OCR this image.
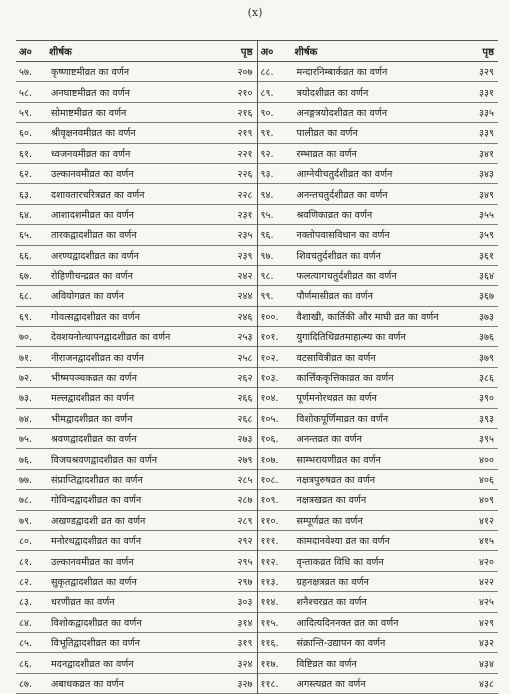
(x)
अ०	शीर्षक	पृष्ठ
५७.	कृष्णाष्टमीव्रत का वर्णन	२०७
५८.	अनघाष्टमीव्रत का वर्णन	२१०
५९.	सोमाष्टमीव्रत का वर्णन	२१६
६०.	श्रीवृक्षनवमीव्रत का वर्णन	२१९
६१.	ध्वजनवमीव्रत का वर्णन	२२१
६२.	उल्कानवमीव्रत का वर्णन	२२६
६३.	दशावतारचरित्रव्रत का वर्णन	२२८
६४.	आशादशमीव्रत का वर्णन	२३१
६५.	तारकद्वादशीव्रत का वर्णन	२३५
६६.	अरण्यद्वादशीव्रत का वर्णन	२३९
६७.	रोहिणीचन्द्रव्रत का वर्णन	२४२
६८.	अवियोगव्रत का वर्णन	२४४
६९.	गोवत्सद्वादशीव्रत का वर्णन	२४६
७०.	देवशयनोत्थापनद्वादशीव्रत का वर्णन	२५३
७१.	नीराजनद्वादशीव्रत का वर्णन	२५८
७२.	भीष्मपञ्चकव्रत का वर्णन	२६२
७३.	मल्लद्वादशीव्रत का वर्णन	२६६
७४.	भीमद्वादशीव्रत का वर्णन	२६८
७५.	श्रवणद्वादशीव्रत का वर्णन	२७३
७६.	विजयश्रवणद्वादशीव्रत का वर्णन	२७९
७७.	संप्राप्तिद्वादशीव्रत का वर्णन	२८५
७८.	गोविन्दद्वादशीव्रत का वर्णन	२८७
७९.	अखण्डद्वादशी व्रत का वर्णन	२८९
८०.	मनोरथद्वादशीव्रत का वर्णन	२९२
८१.	उल्कानवमीव्रत का वर्णन	२९५
८२.	सुकृतद्वादशीव्रत का वर्णन	२९७
८३.	धरणीव्रत का वर्णन	३०३
८४.	विशोकद्वादशीव्रत का वर्णन	३१४
८५.	विभूतिद्वादशीव्रत का वर्णन	३१९
८६.	मदनद्वादशीव्रत का वर्णन	३२४
८७.	अबाधकव्रत का वर्णन	३२७
अ०	शीर्षक	पृष्ठ
८८.	मन्दारनिम्बार्कव्रत का वर्णन	३२९
८९.	त्रयोदशीव्रत का वर्णन	३३१
९०.	अनङ्गत्रयोदशीव्रत का वर्णन	३३५
९१.	पालीव्रत का वर्णन	३३९
९२.	रम्भाव्रत का वर्णन	३४१
९३.	आग्नेयीचतुर्दशीव्रत का वर्णन	३४३
९४.	अनन्तचतुर्दशीव्रत का वर्णन	३४९
९५.	श्रवणिकाव्रत का वर्णन	३५५
९६.	नक्तोपवासविधान का वर्णन	३५९
९७.	शिवचतुर्दशीव्रत का वर्णन	३६१
९८.	फलत्यागचतुर्दशीव्रत का वर्णन	३६४
९९.	पौर्णमासीव्रत का वर्णन	३६७
१००.	वैशाखी, कार्तिकी और माघी व्रत का वर्णन	३७३
१०१.	युगादितिथिव्रतमाहात्म्य का वर्णन	३७६
१०२.	वटसावित्रीव्रत का वर्णन	३७९
१०३.	कार्त्तिककृत्तिकाव्रत का वर्णन	३८६
१०४.	पूर्णमनोरथव्रत का वर्णन	३९०
१०५.	विशोकपूर्णिमाव्रत का वर्णन	३९३
१०६.	अनन्तव्रत का वर्णन	३९५
१०७.	साम्भरायणीव्रत का वर्णन	४००
१०८.	नक्षत्रपुरुषव्रत का वर्णन	४०६
१०९.	नक्षत्रखव्रत का वर्णन	४०९
११०.	सम्पूर्णव्रत का वर्णन	४१२
१११.	कामदानवेश्या व्रत का वर्णन	४१५
११२.	वृन्ताकव्रत विधि का वर्णन	४२०
११३.	ग्रहनक्षत्रव्रत का वर्णन	४२२
११४.	शनैश्चरव्रत का वर्णन	४२५
११५.	आदित्यदिननक्त व्रत का वर्णन	४२९
११६.	संक्रान्ति-उद्यापन का वर्णन	४३२
११७.	विष्टिव्रत का वर्णन	४३४
११८.	अगस्त्यव्रत का वर्णन	४३८
